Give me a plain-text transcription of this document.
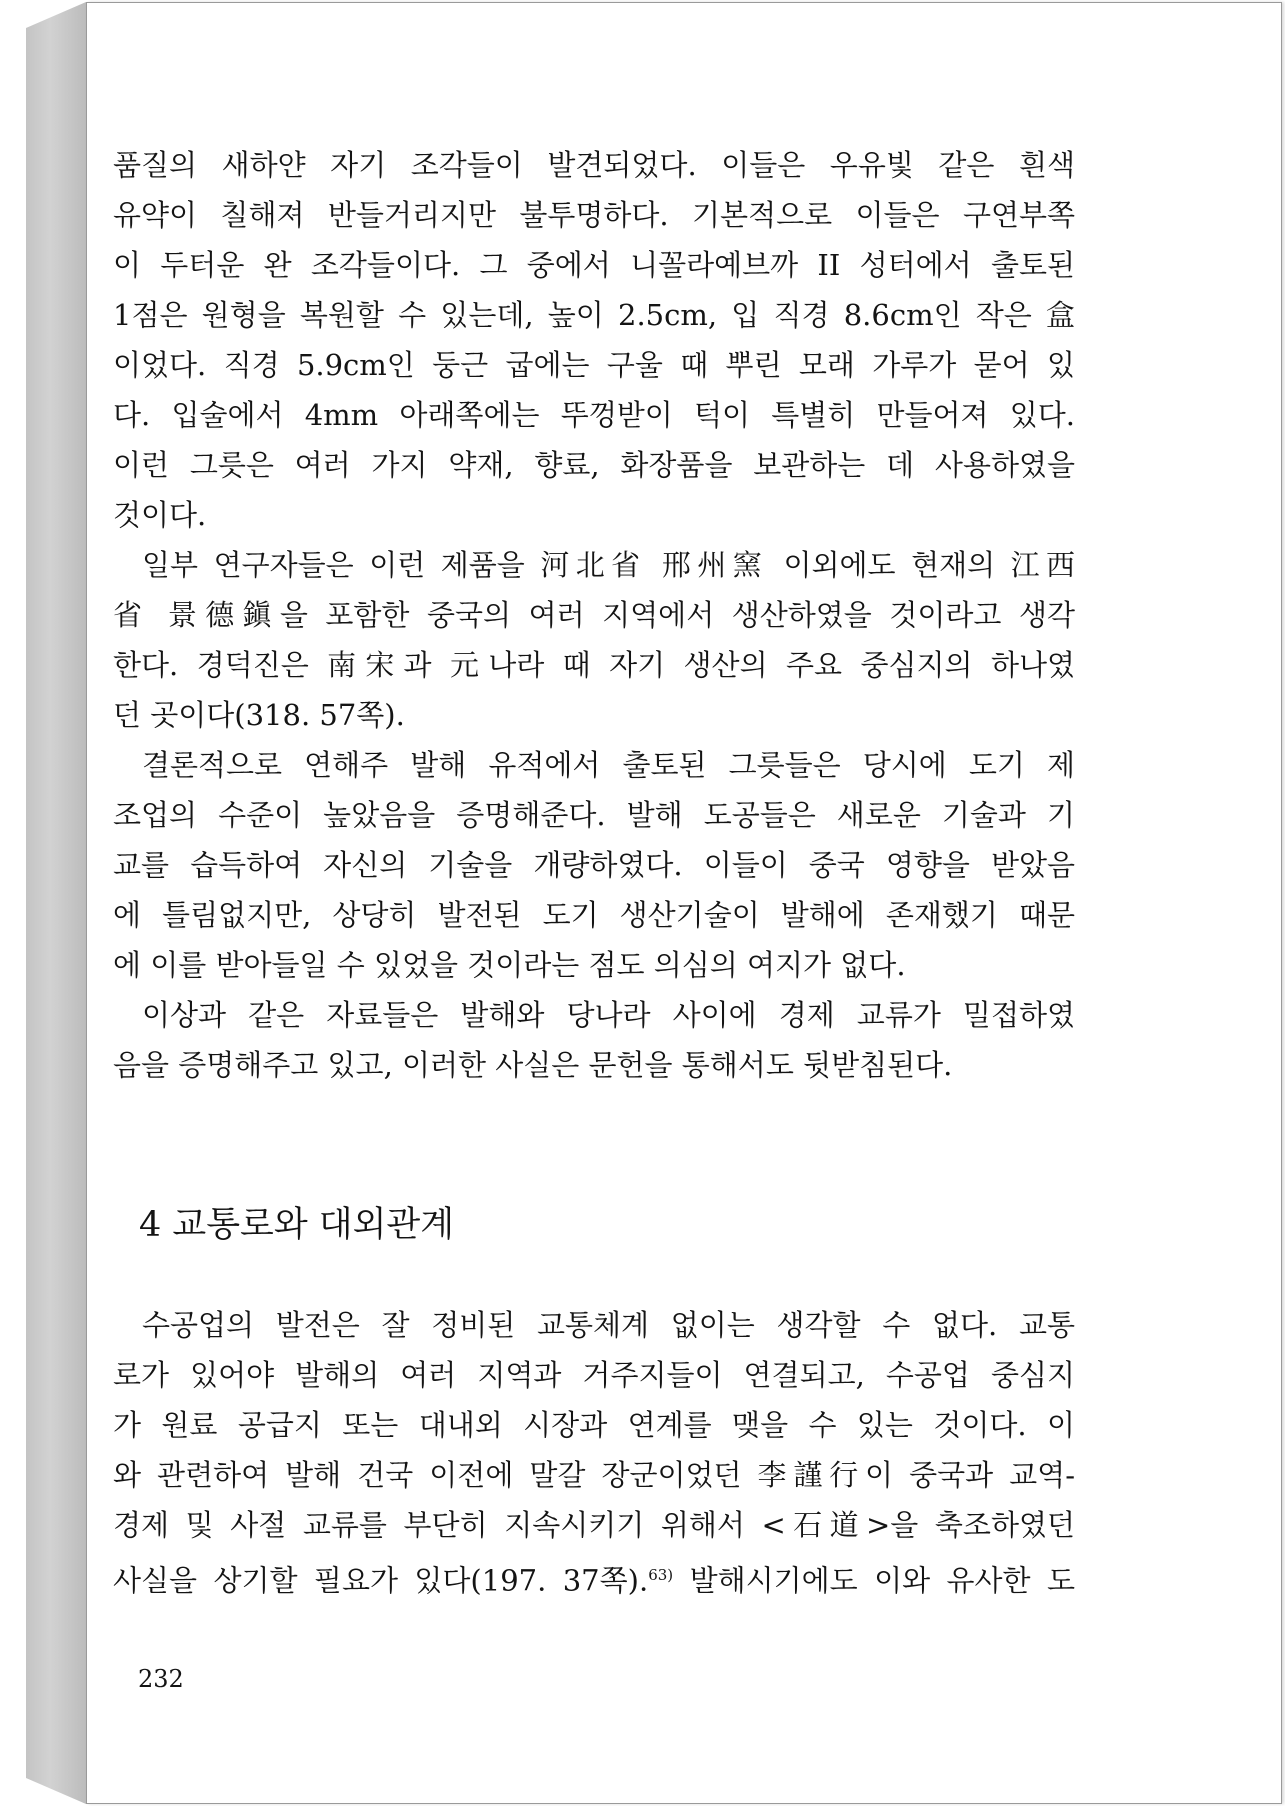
품질의 새하얀 자기 조각들이 발견되었다. 이들은 우유빛 같은 흰색
유약이 칠해져 반들거리지만 불투명하다. 기본적으로 이들은 구연부쪽
이 두터운 완 조각들이다. 그 중에서 니꼴라예브까 II 성터에서 출토된
1점은 원형을 복원할 수 있는데, 높이 2.5cm, 입 직경 8.6cm인 작은 盒
이었다. 직경 5.9cm인 둥근 굽에는 구울 때 뿌린 모래 가루가 묻어 있
다. 입술에서 4mm 아래쪽에는 뚜껑받이 턱이 특별히 만들어져 있다.
이런 그릇은 여러 가지 약재, 향료, 화장품을 보관하는 데 사용하였을
것이다.
일부 연구자들은 이런 제품을 河北省 邢州窯 이외에도 현재의 江西
省 景德鎭을 포함한 중국의 여러 지역에서 생산하였을 것이라고 생각
한다. 경덕진은 南宋과 元나라 때 자기 생산의 주요 중심지의 하나였
던 곳이다(318. 57쪽).
결론적으로 연해주 발해 유적에서 출토된 그릇들은 당시에 도기 제
조업의 수준이 높았음을 증명해준다. 발해 도공들은 새로운 기술과 기
교를 습득하여 자신의 기술을 개량하였다. 이들이 중국 영향을 받았음
에 틀림없지만, 상당히 발전된 도기 생산기술이 발해에 존재했기 때문
에 이를 받아들일 수 있었을 것이라는 점도 의심의 여지가 없다.
이상과 같은 자료들은 발해와 당나라 사이에 경제 교류가 밀접하였
음을 증명해주고 있고, 이러한 사실은 문헌을 통해서도 뒷받침된다.
4 교통로와 대외관계
수공업의 발전은 잘 정비된 교통체계 없이는 생각할 수 없다. 교통
로가 있어야 발해의 여러 지역과 거주지들이 연결되고, 수공업 중심지
가 원료 공급지 또는 대내외 시장과 연계를 맺을 수 있는 것이다. 이
와 관련하여 발해 건국 이전에 말갈 장군이었던 李謹行이 중국과 교역-
경제 및 사절 교류를 부단히 지속시키기 위해서 <石道>을 축조하였던
사실을 상기할 필요가 있다(197. 37쪽).$^{63)}$ 발해시기에도 이와 유사한 도
232
